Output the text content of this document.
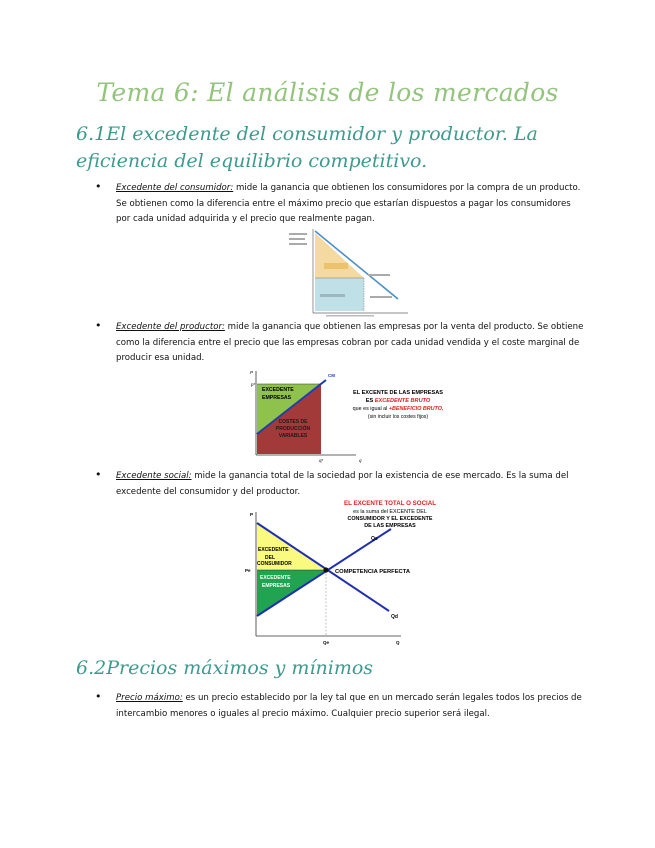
Tema 6: El análisis de los mercados
6.1El excedente del consumidor y productor. La
eficiencia del equilibrio competitivo.
• Excedente del consumidor: mide la ganancia que obtienen los consumidores por la compra de un producto. Se obtienen como la diferencia entre el máximo precio que estarían dispuestos a pagar los consumidores por cada unidad adquirida y el precio que realmente pagan.
• Excedente del productor: mide la ganancia que obtienen las empresas por la venta del producto. Se obtiene como la diferencia entre el precio que las empresas cobran por cada unidad vendida y el coste marginal de producir esa unidad.
P
p*
q*	q
CM
EXCEDENTE
EMPRESAS
COSTES DE
PRODUCCIÓN
VARIABLES
EL EXCENTE DE LAS EMPRESAS
ES EXCEDENTE BRUTO
que es igual al +BENEFICIO BRUTO,
(sin incluir los costes fijos)
• Excedente social: mide la ganancia total de la sociedad por la existencia de ese mercado. Es la suma del excedente del consumidor y del productor.
P
Pe
Qe	Q
Qs
Qd
EXCEDENTE
DEL
CONSUMIDOR
EXCEDENTE
EMPRESAS
COMPETENCIA PERFECTA
EL EXCENTE TOTAL O SOCIAL
es la suma del EXCENTE DEL
CONSUMIDOR Y EL EXCEDENTE
DE LAS EMPRESAS
6.2Precios máximos y mínimos
• Precio máximo: es un precio establecido por la ley tal que en un mercado serán legales todos los precios de intercambio menores o iguales al precio máximo. Cualquier precio superior será ilegal.
